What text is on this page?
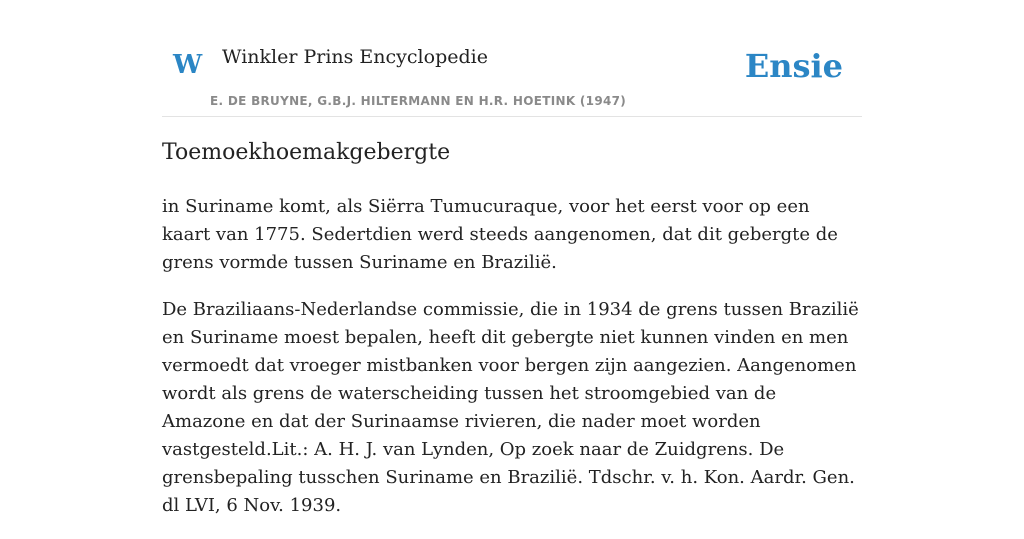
W Winkler Prins Encyclopedie	Ensie
E. DE BRUYNE, G.B.J. HILTERMANN EN H.R. HOETINK (1947)
Toemoekhoemakgebergte

in Suriname komt, als Siërra Tumucuraque, voor het eerst voor op een kaart van 1775. Sedertdien werd steeds aangenomen, dat dit gebergte de grens vormde tussen Suriname en Brazilië.

De Braziliaans-Nederlandse commissie, die in 1934 de grens tussen Brazilië en Suriname moest bepalen, heeft dit gebergte niet kunnen vinden en men vermoedt dat vroeger mistbanken voor bergen zijn aangezien. Aangenomen wordt als grens de waterscheiding tussen het stroomgebied van de Amazone en dat der Surinaamse rivieren, die nader moet worden vastgesteld.Lit.: A. H. J. van Lynden, Op zoek naar de Zuidgrens. De grensbepaling tusschen Suriname en Brazilië. Tdschr. v. h. Kon. Aardr. Gen. dl LVI, 6 Nov. 1939.
